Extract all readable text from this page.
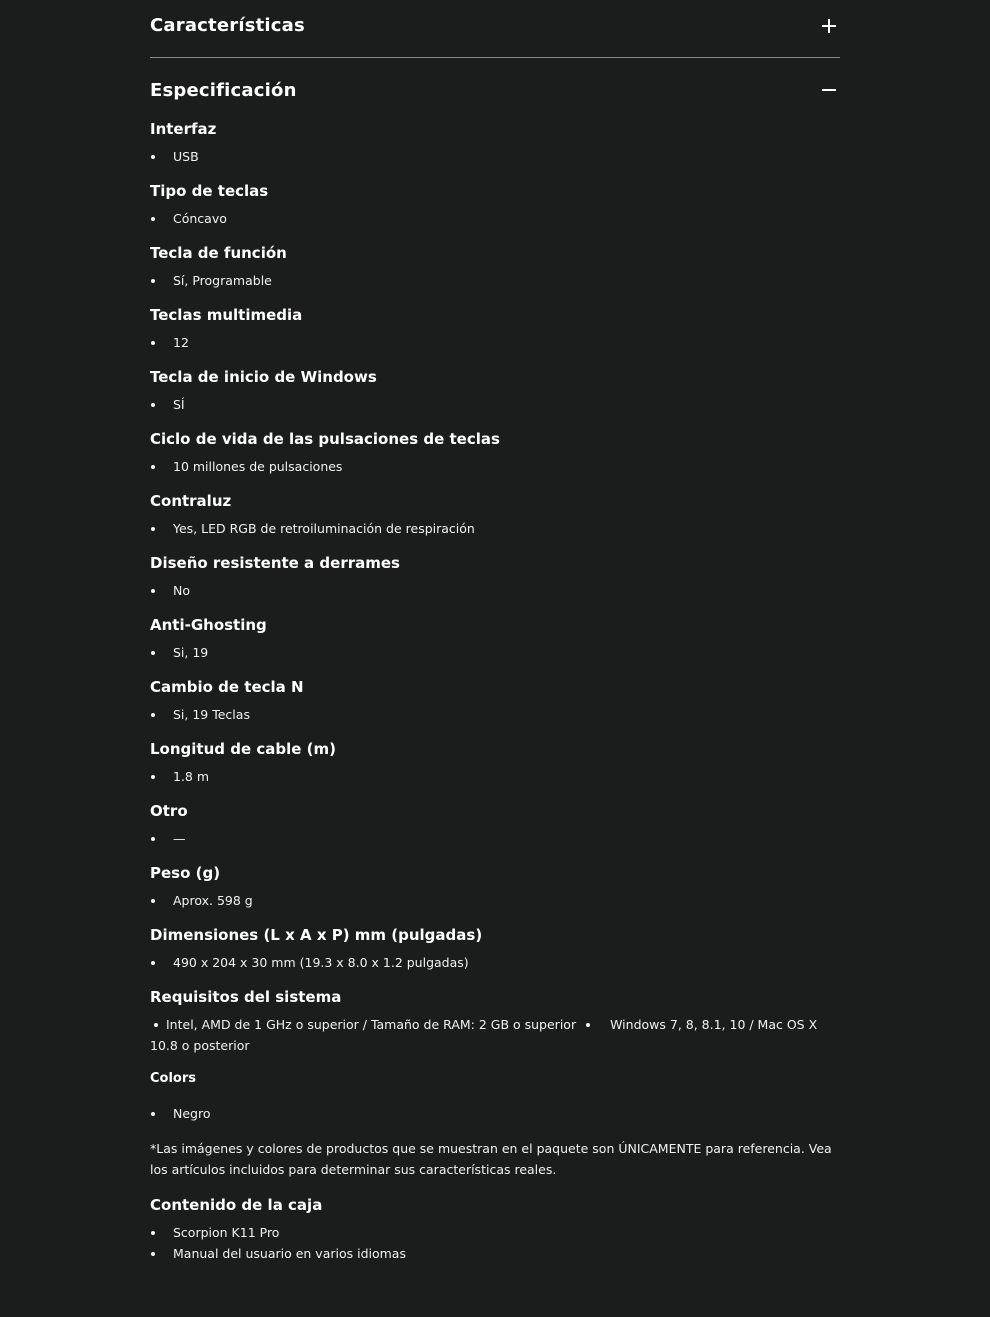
Características
Especificación
Interfaz
USB
Tipo de teclas
Cóncavo
Tecla de función
Sí, Programable
Teclas multimedia
12
Tecla de inicio de Windows
SÍ
Ciclo de vida de las pulsaciones de teclas
10 millones de pulsaciones
Contraluz
Yes, LED RGB de retroiluminación de respiración
Diseño resistente a derrames
No
Anti-Ghosting
Si, 19
Cambio de tecla N
Si, 19 Teclas
Longitud de cable (m)
1.8 m
Otro
—
Peso (g)
Aprox. 598 g
Dimensiones (L x A x P) mm (pulgadas)
490 x 204 x 30 mm (19.3 x 8.0 x 1.2 pulgadas)
Requisitos del sistema
Intel, AMD de 1 GHz o superior / Tamaño de RAM: 2 GB o superior	Windows 7, 8, 8.1, 10 / Mac OS X 10.8 o posterior
Colors
Negro
*Las imágenes y colores de productos que se muestran en el paquete son ÚNICAMENTE para referencia. Vea los artículos incluidos para determinar sus características reales.
Contenido de la caja
Scorpion K11 Pro
Manual del usuario en varios idiomas
